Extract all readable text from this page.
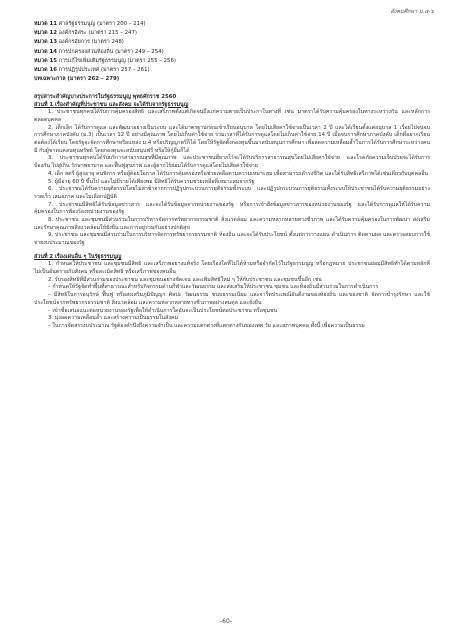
สังคมศึกษา ม.๔-๖
หมวด 11 ศาลรัฐธรรมนูญ (มาตรา 200 – 214)
หมวด 12 องค์กรอิสระ (มาตรา 215 – 247)
หมวด 13 องค์กรอัยการ (มาตรา 248)
หมวด 14 การปกครองส่วนท้องถิ่น (มาตรา 249 – 254)
หมวด 15 การแก้ไขเพิ่มเติมรัฐธรรมนูญ (มาตรา 255 – 256)
หมวด 16 การปฏิรูปประเทศ (มาตรา 257 – 261)
บทเฉพาะกาล (มาตรา 262 – 279)
สรุปสาระสำคัญบางประการในรัฐธรรมนูญ พุทธศักราช 2560
ส่วนที่ 1 เรื่องสำคัญที่ประชาชน และสังคม จะได้รับจากรัฐธรรมนูญ
1. ประชาชนทุกคนได้รับการคุ้มครองสิทธิ และเสรีภาพตั้งแต่เกิดจนถึงแก่ความตายเป็นประกาในทางที่ เช่น มาตราได้รับความคุ้มครองในทางระหว่างกัน และหลักการตลอดบุคคล
2. เด็กเล็ก ได้รับการดูแล และพัฒนาอย่างเป็นระบบ และได้มาตรฐานก่อนเข้าเรียนอนุบาล โดยไม่เสียค่าใช้จ่ายเป็นเวลา 2 ปี และได้เรียนตั้งแต่อนุบาล 1 เรื่อยไปจนจบการศึกษาภาคบังคับ (ม.3) เป็นเวลา 12 ปี อย่างมีคุณภาพ โดยไม่เก็บค่าใช้จ่าย รวมเวลาที่ได้รับการดูแลโดยไม่เก็บค่าใช้จ่าย 14 ปี เมื่อจบการศึกษาภาคบังคับ เด็กที่อยากเรียนต่อต้องได้เรียน โดยรัฐจะจัดการศึกษาหรือแหล่ง ม.4 หรือปริญญาตรีก็ได้ โดยให้รัฐจัดตั้งกองทุนขึ้นมาสนับสนุนการศึกษา เพื่อลดความเหลื่อมล้ำในการได้รับการศึกษาระหว่างคนมี กับผู้ขาดแคลนทุนทรัพย์ โดยกองทุนจะสนับสนุนฟรี หรือให้กู้ยืมก็ได้
3. ประชาชนทุกคนได้รับบริการสาธารณสุขที่มีคุณภาพ และประชาชนที่ยากไร้จะได้รับบริการสาธารณสุขโดยไม่เสียค่าใช้จ่าย และโรคภัยความเจ็บป่วยจะได้รับการป้องกัน ไปสู่เกิน รักษาพยาบาล และฟื้นฟูสุขภาพ และผู้ยากไร้ย่อมได้รับการดูแลโดยไม่เสียค่าใช้จ่าย
4. เด็ก สตรี ผู้สูงอายุ คนพิการ หรือผู้ด้อยโอกาส ได้รับการคุ้มครองหรือช่วยเหลือตามความเหมาะสม เพื่อสามารถดำรงชีวิต และได้รับสิทธิเสรีภาพได้เช่นเดียวกับบุคคลอื่น
5. ผู้มีอายุ 60 ปี ขึ้นไป และไม่มีรายได้เพียงพอ มีสิทธิได้รับความช่วยเหลือที่เหมาะสมจากรัฐ
6. ประชาชนได้รับความยุติธรรมโดยไม่ล่าช้าจากการปฏิรูปกระบวนการยุติธรรมทั้งระบบ และปฏิรูปกระบวนการยุติธรรมทั้งระบบให้ประชาชนได้รับความยุติธรรมอย่างรวดเร็ว เสมอภาค และไม่เลือกปฏิบัติ
7. ประชาชนมีสิทธิได้รับข้อมูลข่าวสาร และจะได้รับข้อมูลจากหน่วยงานของรัฐ หรือการเข้าถึงข้อมูลข่าวสารของหน่วยงานของรัฐ และได้รับการดูแลให้ได้รับความคุ้มครองในการฟ้องร้องหน่วยงานของรัฐ
8. ประชาชน และชุมชนมีส่วนร่วมในการบริหารจัดการทรัพยากรธรรมชาติ สิ่งแวดล้อม และความหลากหลายทางชีวภาพ และได้รับความคุ้มครองในการพัฒนา ส่งเสริม และรักษาคุณภาพสิ่งแวดล้อมให้ยั่งยืน และการอยู่ร่วมกันอย่างปกติสุข
9. ประชาชน และชุมชนมีส่วนร่วมในการบริหารจัดการทรัพยากรธรรมชาติ ห้องถิ่น และจะได้รับประโยชน์ ตั้งแต่การวางแผน ดำเนินการ ติดตามผล และตรวจสอบการใช้จ่ายงบประมาณของรัฐ
ส่วนที่ 2 เรื่องเด่นอื่น ๆ ในรัฐธรรมนูญ
1. กำหนดให้ประชาชน และชุมชนมีสิทธิ และเสรีภาพอย่างแท้จริง โดยเรื่องใดที่ไม่ได้ห้ามหรือจำกัดไว้ในรัฐธรรมนูญ หรือกฎหมาย ประชาชนย่อมมีสิทธิทำได้ตามหลักที่ไม่เป็นอันตรายกับสังคม หรือละเมิดสิทธิ หรือเสรีภาพของคนอื่น
2. รับรองสิทธิที่มีส่วนร่วมของประชาชน และชุมชนอย่างชัดเจน และเพิ่มสิทธิใหม่ ๆ ให้กับประชาชน และชุมชนขึ้นอีก เช่น
– กำหนดให้รัฐจัดทำพื้นที่สาธารณะสำหรับกิจกรรมด้านกีฬาและวัฒนธรรม และส่งเสริมให้ประชาชน ชุมชน และท้องถิ่นมีส่วนร่วมในการดำเนินการ
– มีสิทธิในการอนุรักษ์ ฟื้นฟู หรือส่งเสริมภูมิปัญญา ศิลปะ วัฒนธรรม ขนบธรรมเนียม และจารีตประเพณีอันดีงามของท้องถิ่น และของชาติ จัดการบำรุงรักษา และใช้ประโยชน์จากทรัพยากรธรรมชาติ สิ่งแวดล้อม และความหลากหลายทางชีวภาพอย่างสมดุล และยั่งยืน
– เข้าชื่อเสนอแนะต่อหน่วยงานของรัฐเพื่อให้ดำเนินการใดอันจะเป็นประโยชน์ต่อประชาชน หรือชุมชน
3. มุ่งลดความเหลื่อมล้ำ และสร้างความเป็นธรรมในสังคม
– ในการจัดสรรงบประมาณ รัฐต้องคำนึงถึงความจำเป็น และความแตกต่างที่แตกต่างกันของเพศ วัย และสภาพบุคคล ทั้งนี้ เพื่อความเป็นธรรม
-60-
